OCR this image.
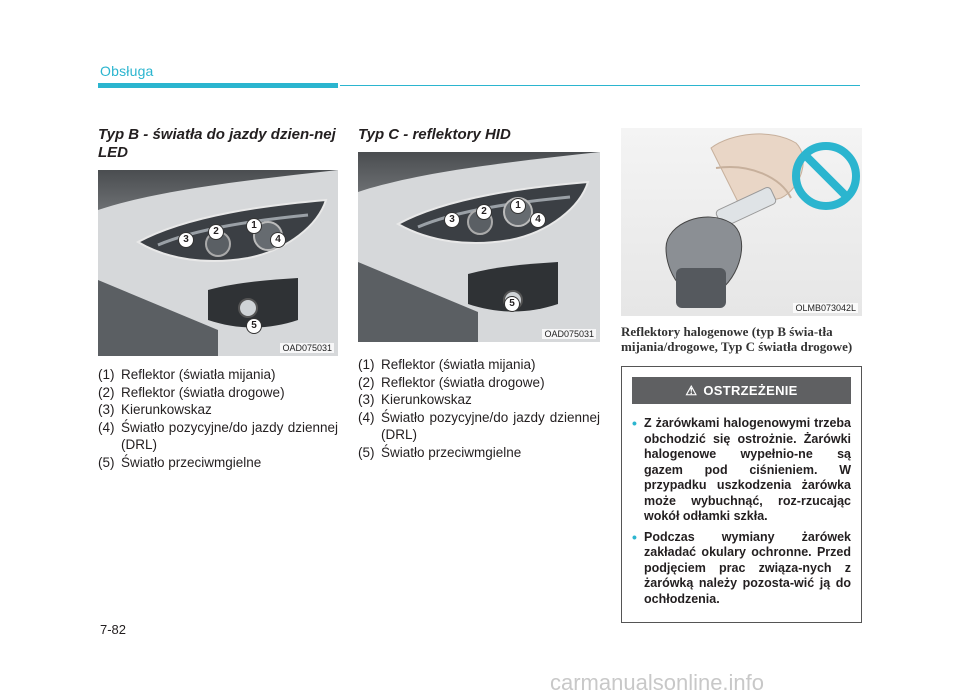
Obsługa

Typ B - światła do jazdy dzien-nej LED

1
2
3	4
5
OAD075031
(1) Reflektor (światła mijania)
(2) Reflektor (światła drogowe)
(3) Kierunkowskaz
(4) Światło pozycyjne/do jazdy dziennej (DRL)
(5) Światło przeciwmgielne

Typ C - reflektory HID

1
2
3	4
5
OAD075031
(1) Reflektor (światła mijania)
(2) Reflektor (światła drogowe)
(3) Kierunkowskaz
(4) Światło pozycyjne/do jazdy dziennej (DRL)
(5) Światło przeciwmgielne
OLMB073042L
Reflektory halogenowe (typ B świa-tła mijania/drogowe, Typ C światła drogowe)
⚠ OSTRZEŻENIE
• Z żarówkami halogenowymi trzeba obchodzić się ostrożnie. Żarówki halogenowe wypełnio-ne są gazem pod ciśnieniem. W przypadku uszkodzenia żarówka może wybuchnąć, roz-rzucając wokół odłamki szkła.
• Podczas wymiany żarówek zakładać okulary ochronne. Przed podjęciem prac związa-nych z żarówką należy pozosta-wić ją do ochłodzenia.
7-82
carmanualsonline.info
